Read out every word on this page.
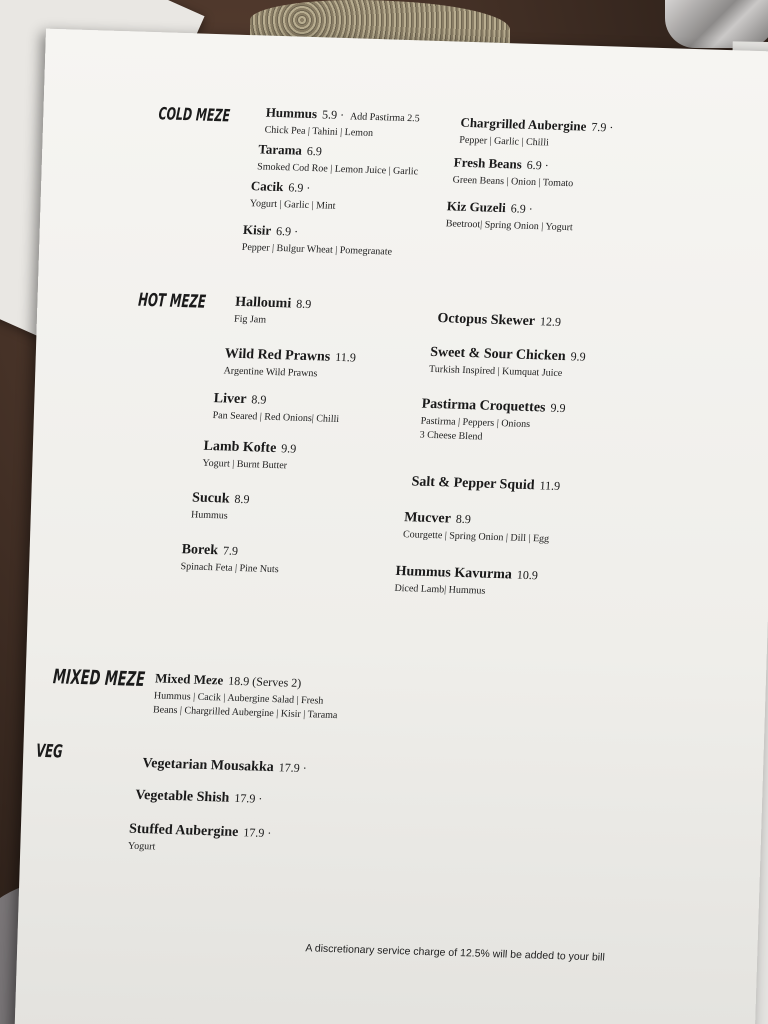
COLD MEZE	Hummus 5.9 · Add Pastirma 2.5
Chick Pea | Tahini | Lemon
Tarama 6.9
Smoked Cod Roe | Lemon Juice | Garlic
Cacik 6.9 ·
Yogurt | Garlic | Mint
Kisir 6.9 ·
Pepper | Bulgur Wheat | Pomegranate
Chargrilled Aubergine 7.9 ·
Pepper | Garlic | Chilli
Fresh Beans 6.9 ·
Green Beans | Onion | Tomato
Kiz Guzeli 6.9 ·
Beetroot| Spring Onion | Yogurt
HOT MEZE Halloumi 8.9
Fig Jam
Wild Red Prawns 11.9
Argentine Wild Prawns
Liver 8.9
Pan Seared | Red Onions| Chilli
Lamb Kofte 9.9
Yogurt | Burnt Butter
Sucuk 8.9
Hummus
Borek 7.9
Spinach Feta | Pine Nuts
Octopus Skewer 12.9
Sweet & Sour Chicken 9.9
Turkish Inspired | Kumquat Juice
Pastirma Croquettes 9.9
Pastirma | Peppers | Onions
3 Cheese Blend
Salt & Pepper Squid 11.9
Mucver 8.9
Courgette | Spring Onion | Dill | Egg
Hummus Kavurma 10.9
Diced Lamb| Hummus
MIXED MEZE Mixed Meze 18.9 (Serves 2)
Hummus | Cacik | Aubergine Salad | Fresh
Beans | Chargrilled Aubergine | Kisir | Tarama
VEG
Vegetarian Mousakka 17.9 ·
Vegetable Shish 17.9 ·
Stuffed Aubergine 17.9 ·
Yogurt
A discretionary service charge of 12.5% will be added to your bill
